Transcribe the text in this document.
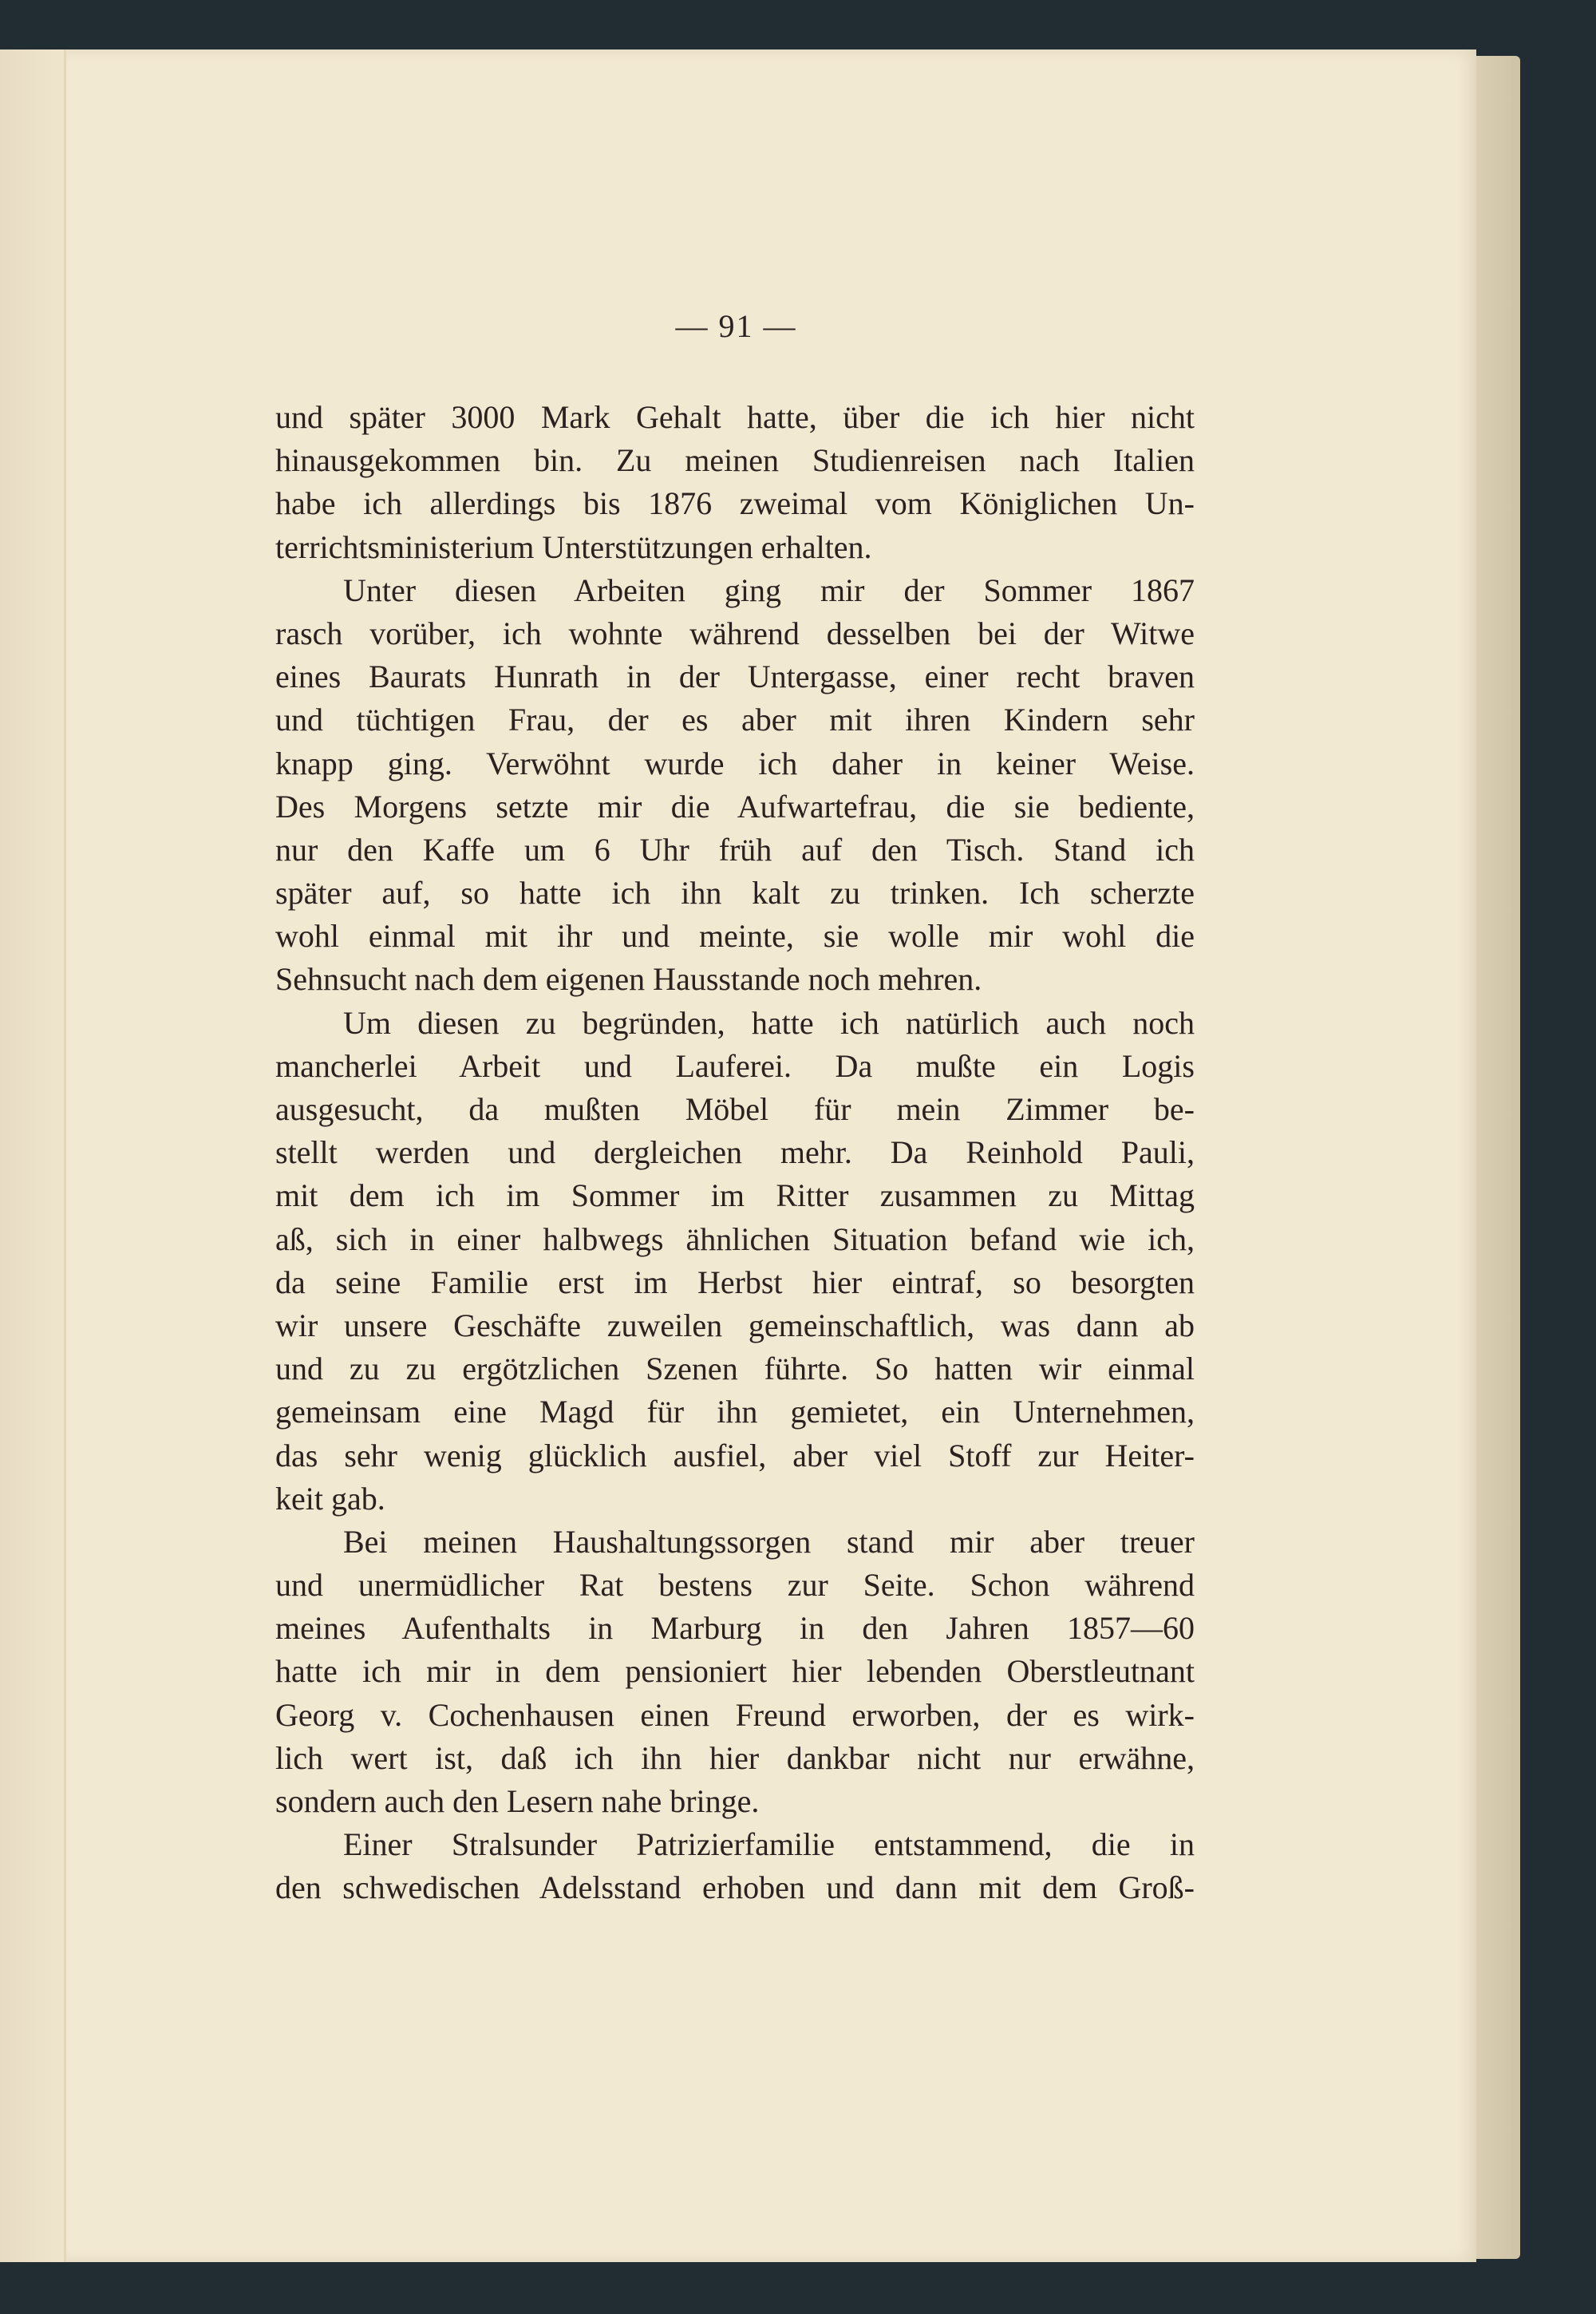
— 91 —
und später 3000 Mark Gehalt hatte, über die ich hier nicht
hinausgekommen bin. Zu meinen Studienreisen nach Italien
habe ich allerdings bis 1876 zweimal vom Königlichen Un-
terrichtsministerium Unterstützungen erhalten.
Unter diesen Arbeiten ging mir der Sommer 1867
rasch vorüber, ich wohnte während desselben bei der Witwe
eines Baurats Hunrath in der Untergasse, einer recht braven
und tüchtigen Frau, der es aber mit ihren Kindern sehr
knapp ging. Verwöhnt wurde ich daher in keiner Weise.
Des Morgens setzte mir die Aufwartefrau, die sie bediente,
nur den Kaffe um 6 Uhr früh auf den Tisch. Stand ich
später auf, so hatte ich ihn kalt zu trinken. Ich scherzte
wohl einmal mit ihr und meinte, sie wolle mir wohl die
Sehnsucht nach dem eigenen Hausstande noch mehren.
Um diesen zu begründen, hatte ich natürlich auch noch
mancherlei Arbeit und Lauferei. Da mußte ein Logis
ausgesucht, da mußten Möbel für mein Zimmer be-
stellt werden und dergleichen mehr. Da Reinhold Pauli,
mit dem ich im Sommer im Ritter zusammen zu Mittag
aß, sich in einer halbwegs ähnlichen Situation befand wie ich,
da seine Familie erst im Herbst hier eintraf, so besorgten
wir unsere Geschäfte zuweilen gemeinschaftlich, was dann ab
und zu zu ergötzlichen Szenen führte. So hatten wir einmal
gemeinsam eine Magd für ihn gemietet, ein Unternehmen,
das sehr wenig glücklich ausfiel, aber viel Stoff zur Heiter-
keit gab.
Bei meinen Haushaltungssorgen stand mir aber treuer
und unermüdlicher Rat bestens zur Seite. Schon während
meines Aufenthalts in Marburg in den Jahren 1857—60
hatte ich mir in dem pensioniert hier lebenden Oberstleutnant
Georg v. Cochenhausen einen Freund erworben, der es wirk-
lich wert ist, daß ich ihn hier dankbar nicht nur erwähne,
sondern auch den Lesern nahe bringe.
Einer Stralsunder Patrizierfamilie entstammend, die in
den schwedischen Adelsstand erhoben und dann mit dem Groß-
